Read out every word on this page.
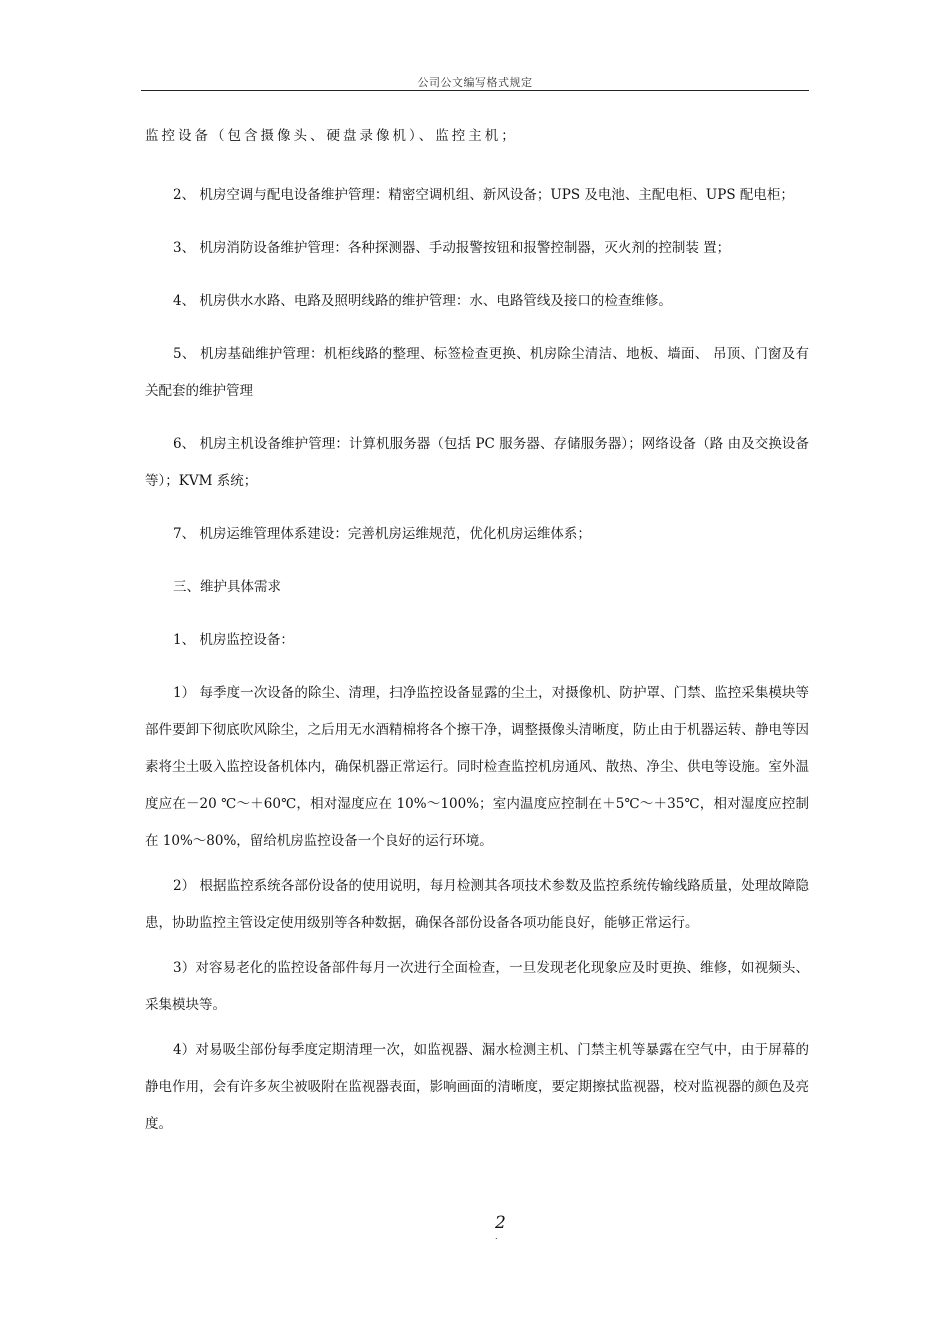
公司公文编写格式规定

监控设备（包含摄像头、硬盘录像机）、监控主机；

2、 机房空调与配电设备维护管理：精密空调机组、新风设备；UPS 及电池、主配电柜、UPS 配电柜；

3、 机房消防设备维护管理：各种探测器、手动报警按钮和报警控制器，灭火剂的控制装 置；

4、 机房供水水路、电路及照明线路的维护管理：水、电路管线及接口的检查维修。

5、 机房基础维护管理：机柜线路的整理、标签检查更换、机房除尘清洁、地板、墙面、 吊顶、门窗及有关配套的维护管理

6、 机房主机设备维护管理：计算机服务器（包括 PC 服务器、存储服务器）；网络设备（路 由及交换设备等）；KVM 系统；

7、 机房运维管理体系建设：完善机房运维规范，优化机房运维体系；

三、维护具体需求

1、 机房监控设备：

1） 每季度一次设备的除尘、清理，扫净监控设备显露的尘土，对摄像机、防护罩、门禁、监控采集模块等部件要卸下彻底吹风除尘，之后用无水酒精棉将各个擦干净，调整摄像头清晰度，防止由于机器运转、静电等因素将尘土吸入监控设备机体内，确保机器正常运行。同时检查监控机房通风、散热、净尘、供电等设施。室外温度应在－20 ℃～＋60℃，相对湿度应在 10%～100%；室内温度应控制在＋5℃～＋35℃，相对湿度应控制在 10%～80%，留给机房监控设备一个良好的运行环境。

2） 根据监控系统各部份设备的使用说明，每月检测其各项技术参数及监控系统传输线路质量，处理故障隐患，协助监控主管设定使用级别等各种数据，确保各部份设备各项功能良好，能够正常运行。

3）对容易老化的监控设备部件每月一次进行全面检查，一旦发现老化现象应及时更换、维修，如视频头、采集模块等。

4）对易吸尘部份每季度定期清理一次，如监视器、漏水检测主机、门禁主机等暴露在空气中，由于屏幕的静电作用，会有许多灰尘被吸附在监视器表面，影响画面的清晰度，要定期擦拭监视器，校对监视器的颜色及亮度。

2
.
